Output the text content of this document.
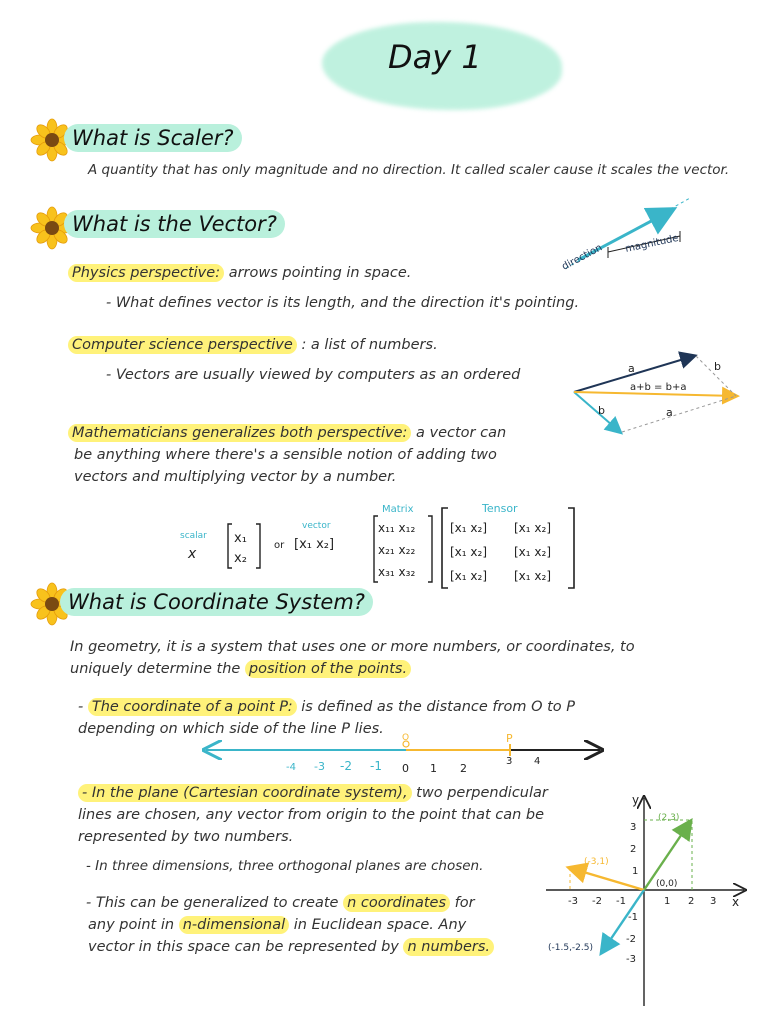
Day 1
What is Scaler?
A quantity that has only magnitude and no direction. It called scaler cause it scales the vector.
What is the Vector?
direction magnitude
Physics perspective: arrows pointing in space.
- What defines vector is its length, and the direction it's pointing.
Computer science perspective : a list of numbers.
- Vectors are usually viewed by computers as an ordered	a	b
a+b = b+a
b	a
Mathematicians generalizes both perspective: a vector can
be anything where there's a sensible notion of adding two
vectors and multiplying vector by a number.
scalar
x
x₁
x₂
or
vector
[x₁ x₂]
Matrix
x₁₁ x₁₂
x₂₁ x₂₂
x₃₁ x₃₂
Tensor
[x₁ x₂] [x₁ x₂]
[x₁ x₂] [x₁ x₂]
[x₁ x₂] [x₁ x₂]
What is Coordinate System?
In geometry, it is a system that uses one or more numbers, or coordinates, to
uniquely determine the position of the points.
- The coordinate of a point P: is defined as the distance from O to P
depending on which side of the line P lies.
O	P
-4 -3 -2 -1 0 1 2
3 4
- In the plane (Cartesian coordinate system), two perpendicular
lines are chosen, any vector from origin to the point that can be
represented by two numbers.
- In three dimensions, three orthogonal planes are chosen.
- This can be generalized to create n coordinates for
any point in n-dimensional in Euclidean space. Any
vector in this space can be represented by n numbers.
y
x
(2,3)
(-3,1)
(0,0)
(-1.5,-2.5)
-3 -2 -1	1 2 3
3
2
1
-1
-2
-3
